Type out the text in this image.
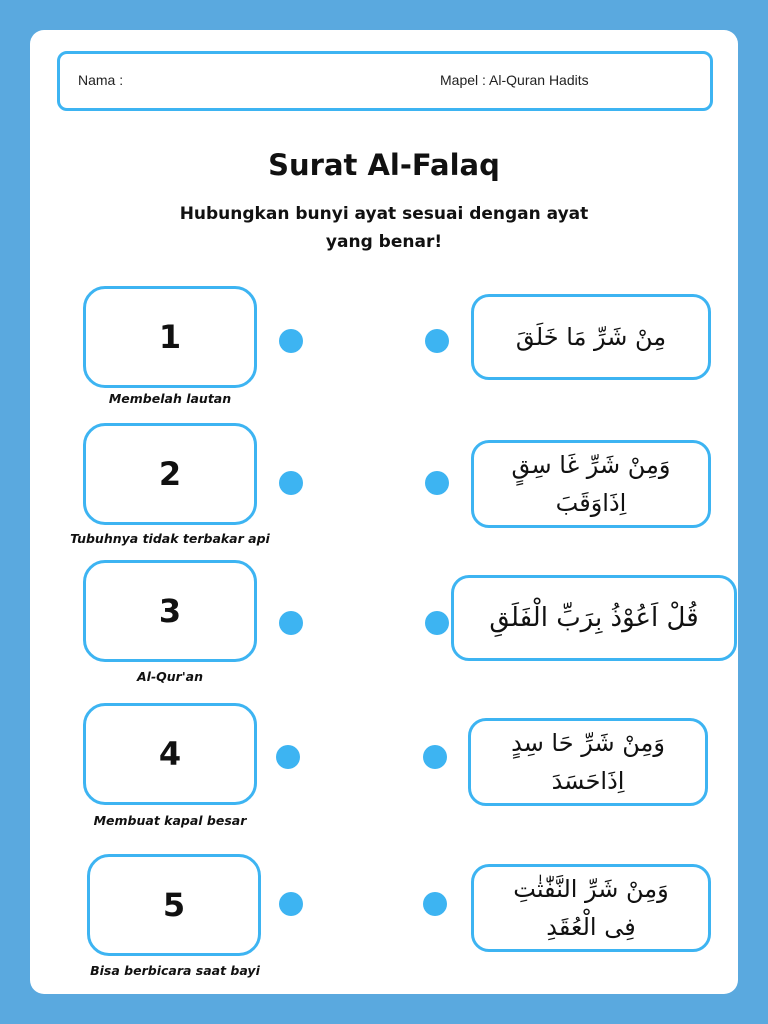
Nama :	Mapel : Al-Quran Hadits
Surat Al-Falaq
Hubungkan bunyi ayat sesuai dengan ayat
yang benar!
1
Membelah lautan
مِنْ شَرِّ مَا خَلَقَ
2
Tubuhnya tidak terbakar api
وَمِنْ شَرِّ غَا سِقٍ
اِذَاوَقَبَ
3
Al-Qur'an
قُلْ اَعُوْذُ بِرَبِّ الْفَلَقِ
4
Membuat kapal besar
وَمِنْ شَرِّ حَا سِدٍ
اِذَاحَسَدَ
5
Bisa berbicara saat bayi
وَمِنْ شَرِّ النَّفّٰثٰتِ
فِى الْعُقَدِ
